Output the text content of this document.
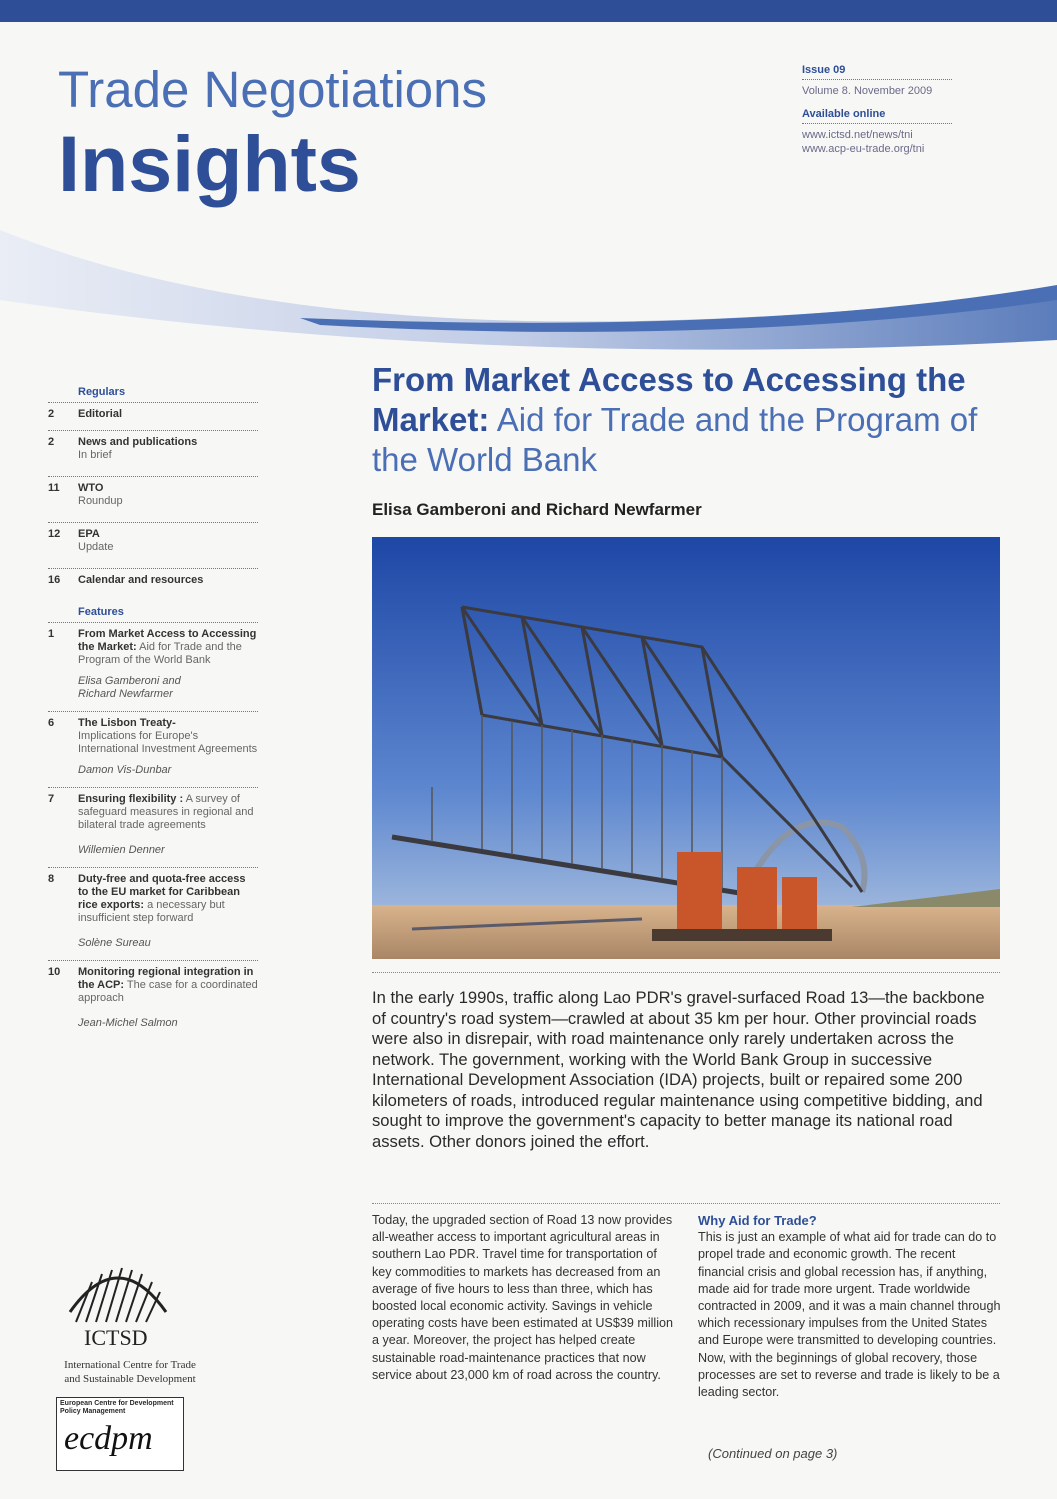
Trade Negotiations
Insights
Issue 09
Volume 8. November 2009
Available online
www.ictsd.net/news/tni
www.acp-eu-trade.org/tni
Regulars
2	Editorial
2	News and publications
In brief
11	WTO
Roundup
12	EPA
Update
16	Calendar and resources
Features
1	From Market Access to Accessing the Market: Aid for Trade and the Program of the World Bank
Elisa Gamberoni and
Richard Newfarmer
6	The Lisbon Treaty-
Implications for Europe's International Investment Agreements
Damon Vis-Dunbar
7	Ensuring flexibility : A survey of safeguard measures in regional and bilateral trade agreements
Willemien Denner
8	Duty-free and quota-free access to the EU market for Caribbean rice exports: a necessary but insufficient step forward
Solène Sureau
10	Monitoring regional integration in the ACP: The case for a coordinated approach
Jean-Michel Salmon
ICTSD
International Centre for Trade and Sustainable Development
European Centre for Development
Policy Management
ecdpm
From Market Access to Accessing the Market: Aid for Trade and the Program of the World Bank
Elisa Gamberoni and Richard Newfarmer
In the early 1990s, traffic along Lao PDR's gravel-surfaced Road 13—the backbone of country's road system—crawled at about 35 km per hour. Other provincial roads were also in disrepair, with road maintenance only rarely undertaken across the network. The government, working with the World Bank Group in successive International Development Association (IDA) projects, built or repaired some 200 kilometers of roads, introduced regular maintenance using competitive bidding, and sought to improve the government's capacity to better manage its national road assets. Other donors joined the effort.
Today, the upgraded section of Road 13 now provides all-weather access to important agricultural areas in southern Lao PDR. Travel time for transportation of key commodities to markets has decreased from an average of five hours to less than three, which has boosted local economic activity. Savings in vehicle operating costs have been estimated at US$39 million a year. Moreover, the project has helped create sustainable road-maintenance practices that now service about 23,000 km of road across the country.
Why Aid for Trade?
This is just an example of what aid for trade can do to propel trade and economic growth. The recent financial crisis and global recession has, if anything, made aid for trade more urgent. Trade worldwide contracted in 2009, and it was a main channel through which recessionary impulses from the United States and Europe were transmitted to developing countries. Now, with the beginnings of global recovery, those processes are set to reverse and trade is likely to be a leading sector.
(Continued on page 3)
